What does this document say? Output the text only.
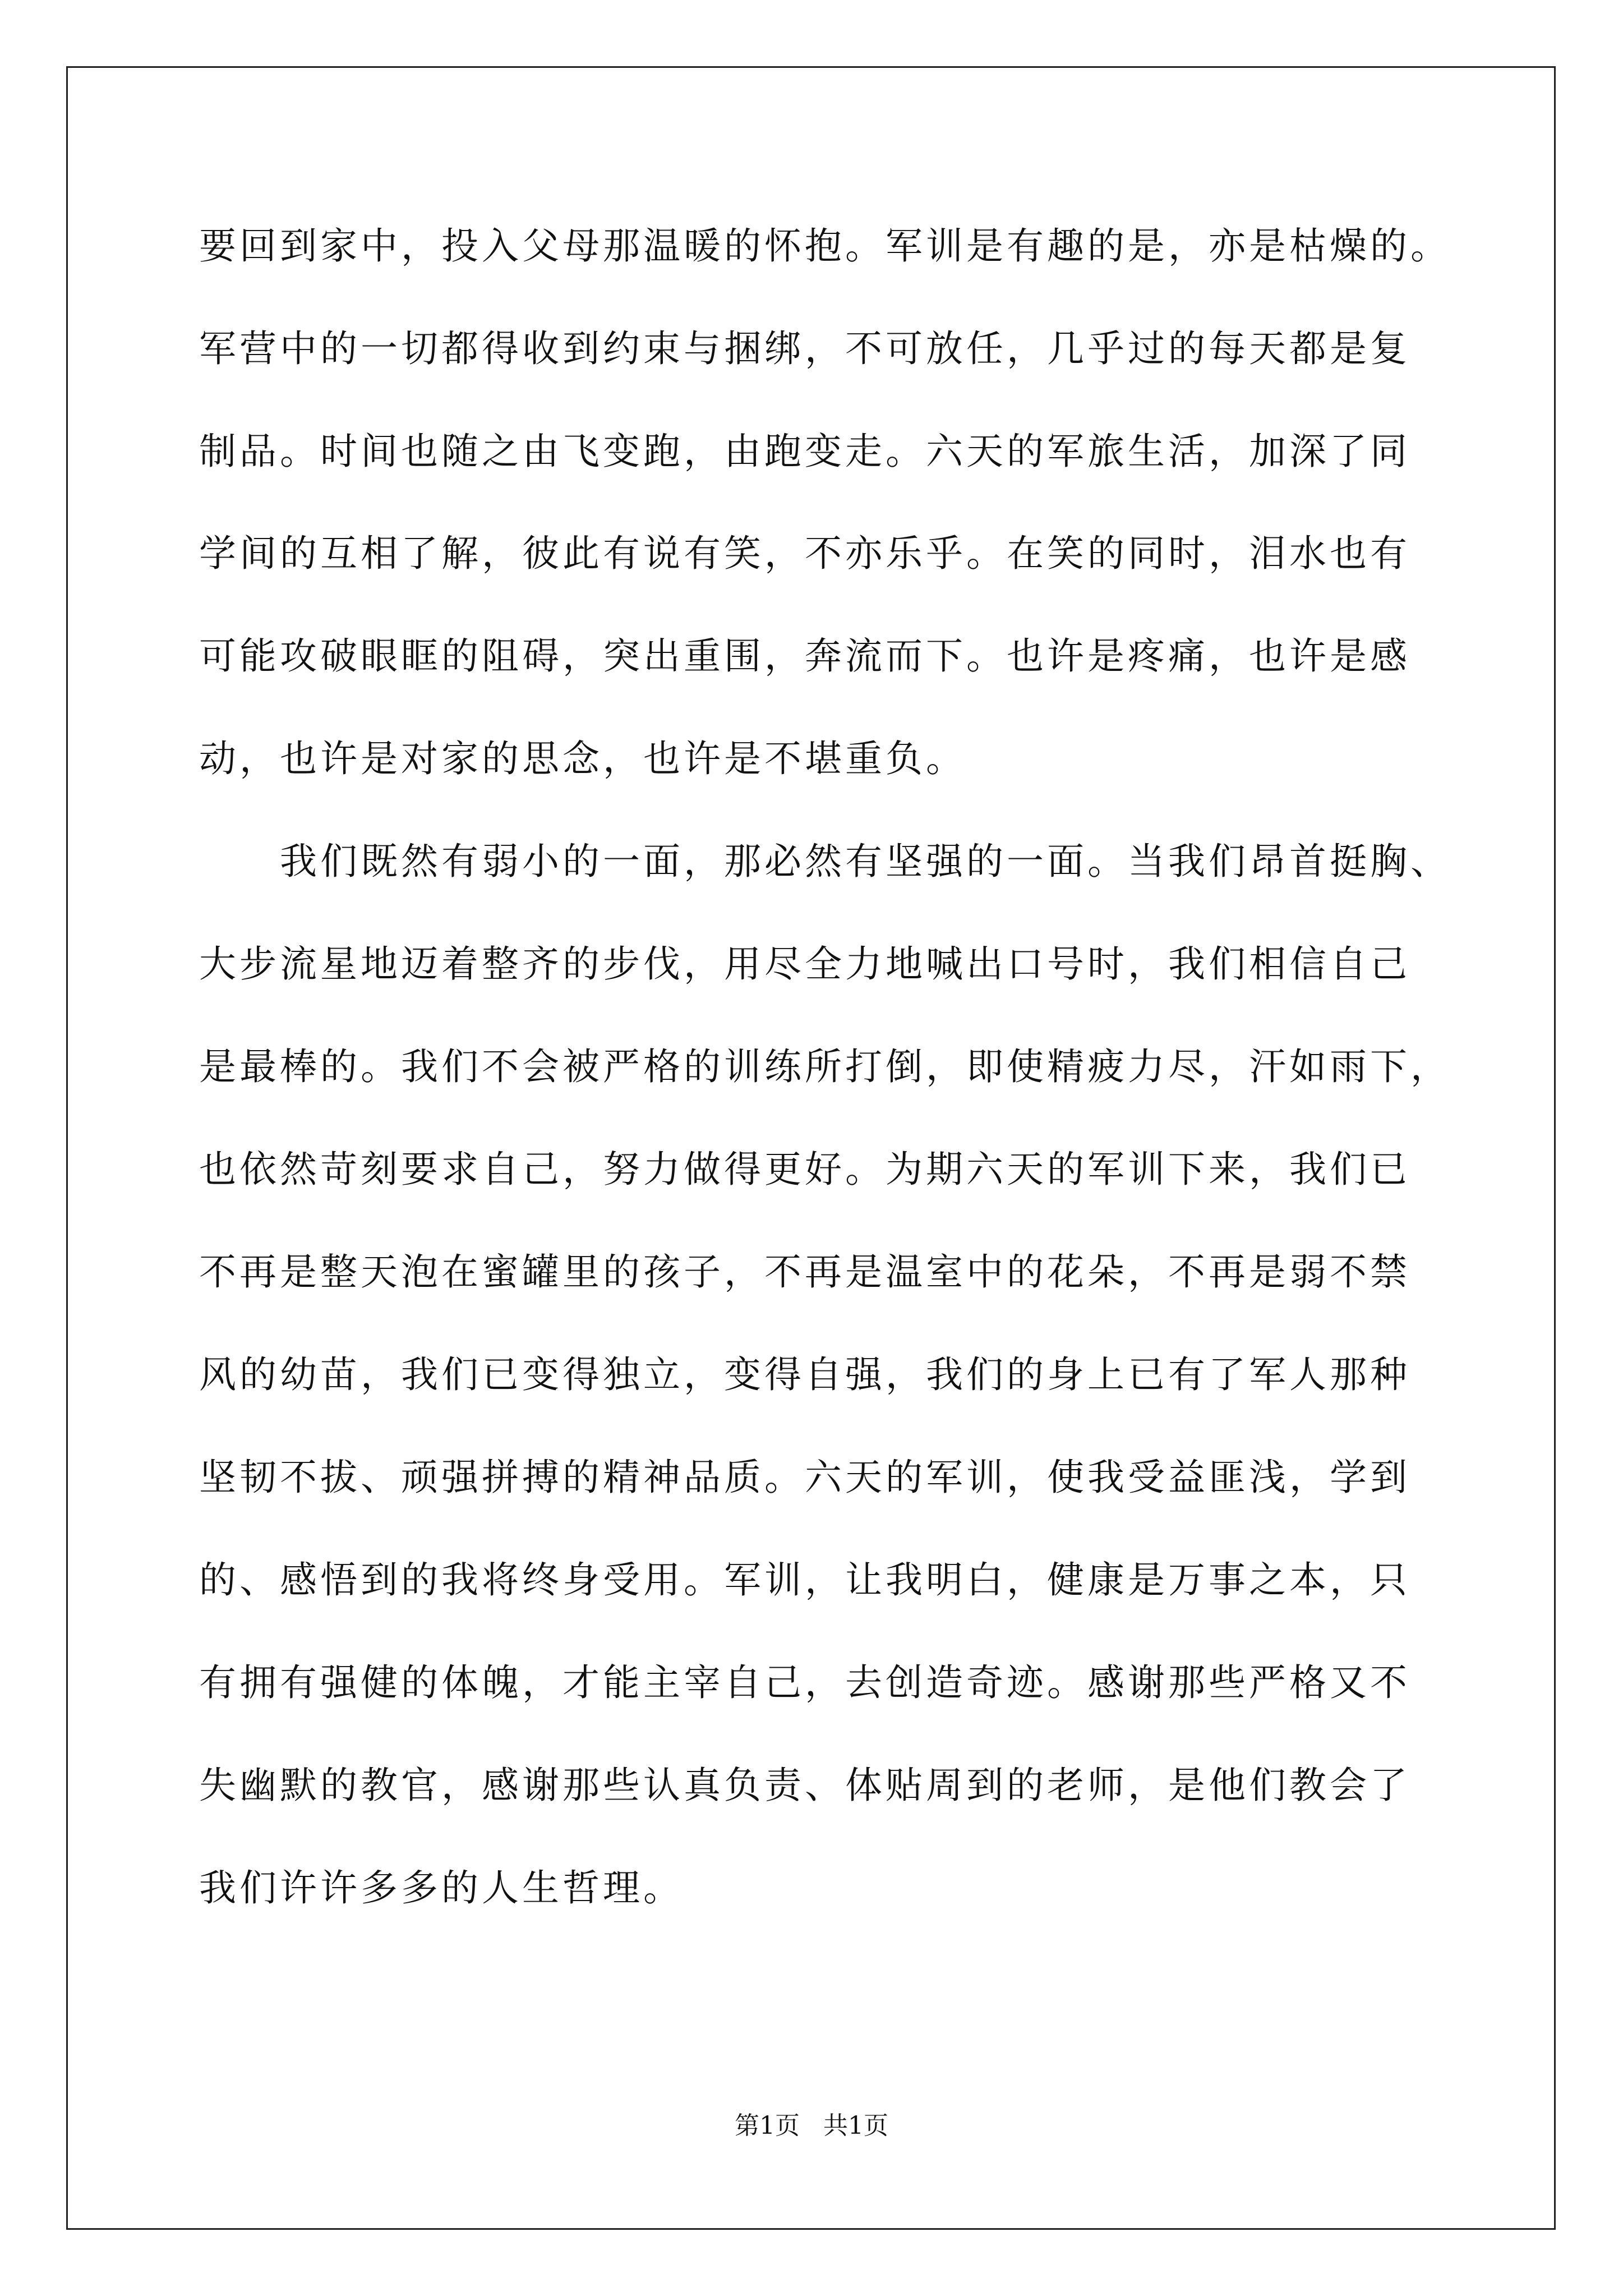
要回到家中，投入父母那温暖的怀抱。军训是有趣的是，亦是枯燥的。
军营中的一切都得收到约束与捆绑，不可放任，几乎过的每天都是复
制品。时间也随之由飞变跑，由跑变走。六天的军旅生活，加深了同
学间的互相了解，彼此有说有笑，不亦乐乎。在笑的同时，泪水也有
可能攻破眼眶的阻碍，突出重围，奔流而下。也许是疼痛，也许是感
动，也许是对家的思念，也许是不堪重负。
　　我们既然有弱小的一面，那必然有坚强的一面。当我们昂首挺胸、
大步流星地迈着整齐的步伐，用尽全力地喊出口号时，我们相信自己
是最棒的。我们不会被严格的训练所打倒，即使精疲力尽，汗如雨下，
也依然苛刻要求自己，努力做得更好。为期六天的军训下来，我们已
不再是整天泡在蜜罐里的孩子，不再是温室中的花朵，不再是弱不禁
风的幼苗，我们已变得独立，变得自强，我们的身上已有了军人那种
坚韧不拔、顽强拼搏的精神品质。六天的军训，使我受益匪浅，学到
的、感悟到的我将终身受用。军训，让我明白，健康是万事之本，只
有拥有强健的体魄，才能主宰自己，去创造奇迹。感谢那些严格又不
失幽默的教官，感谢那些认真负责、体贴周到的老师，是他们教会了
我们许许多多的人生哲理。
第1页   共1页
